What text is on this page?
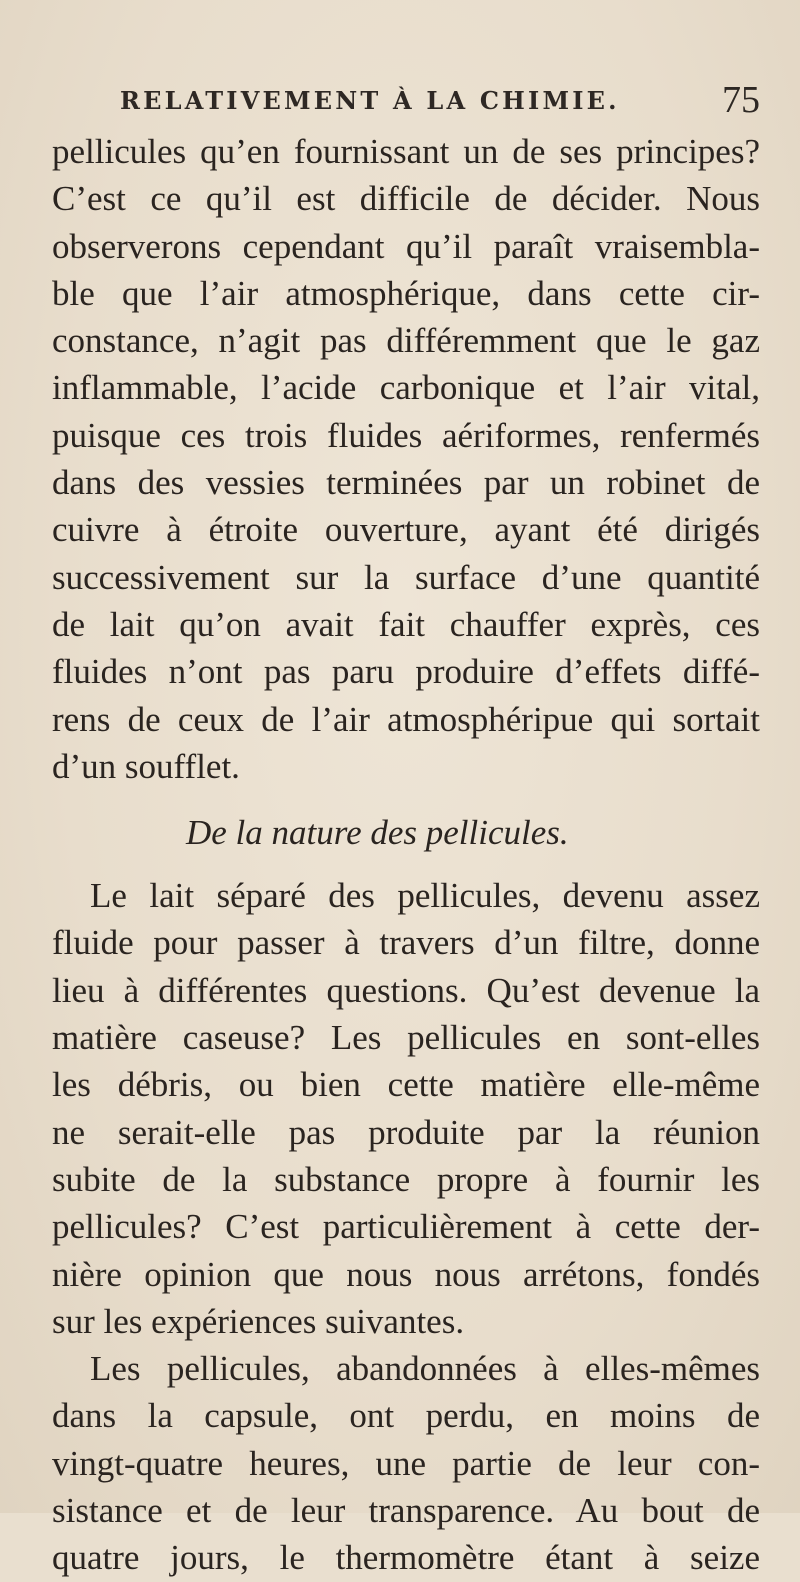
RELATIVEMENT À LA CHIMIE.	75
pellicules qu’en fournissant un de ses principes?
C’est ce qu’il est difficile de décider. Nous
observerons cependant qu’il paraît vraisembla-
ble que l’air atmosphérique, dans cette cir-
constance, n’agit pas différemment que le gaz
inflammable, l’acide carbonique et l’air vital,
puisque ces trois fluides aériformes, renfermés
dans des vessies terminées par un robinet de
cuivre à étroite ouverture, ayant été dirigés
successivement sur la surface d’une quantité
de lait qu’on avait fait chauffer exprès, ces
fluides n’ont pas paru produire d’effets diffé-
rens de ceux de l’air atmosphéripue qui sortait
d’un soufflet.
De la nature des pellicules.
Le lait séparé des pellicules, devenu assez
fluide pour passer à travers d’un filtre, donne
lieu à différentes questions. Qu’est devenue la
matière caseuse? Les pellicules en sont-elles
les débris, ou bien cette matière elle-même
ne serait-elle pas produite par la réunion
subite de la substance propre à fournir les
pellicules? C’est particulièrement à cette der-
nière opinion que nous nous arrétons, fondés
sur les expériences suivantes.
Les pellicules, abandonnées à elles-mêmes
dans la capsule, ont perdu, en moins de
vingt-quatre heures, une partie de leur con-
sistance et de leur transparence. Au bout de
quatre jours, le thermomètre étant à seize
